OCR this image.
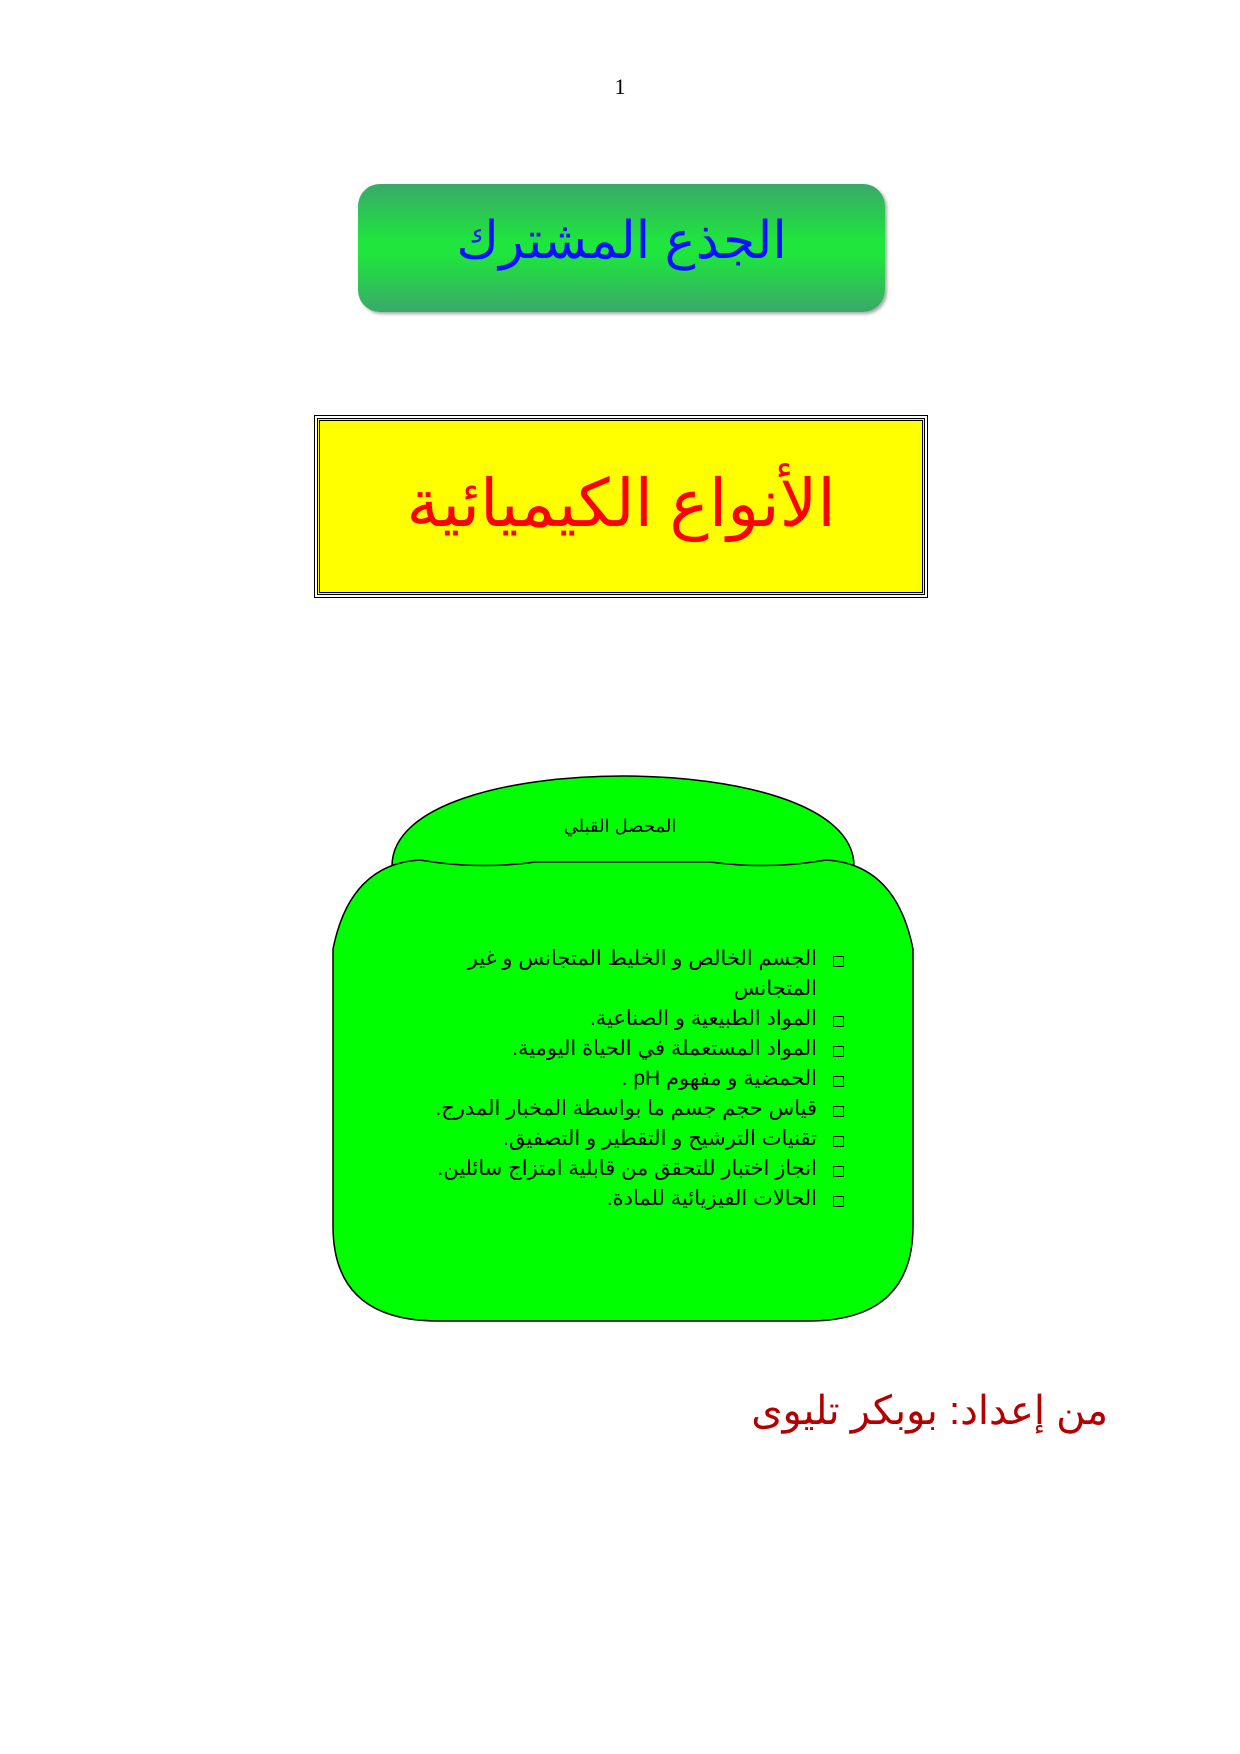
1
الجذع المشترك
الأنواع الكيميائية
المحصل القبلي
الجسم الخالص و الخليط المتجانس و غير المتجانس
المواد الطبيعية و الصناعية.
المواد المستعملة في الحياة اليومية.
الحمضية و مفهوم pH .
قياس حجم جسم ما بواسطة المخبار المدرج.
تقنيات الترشيح و التقطير و التصفيق.
انجاز اختبار للتحقق من قابلية امتزاج سائلين.
الحالات الفيزيائية للمادة.
من إعداد: بوبكر تليوى
